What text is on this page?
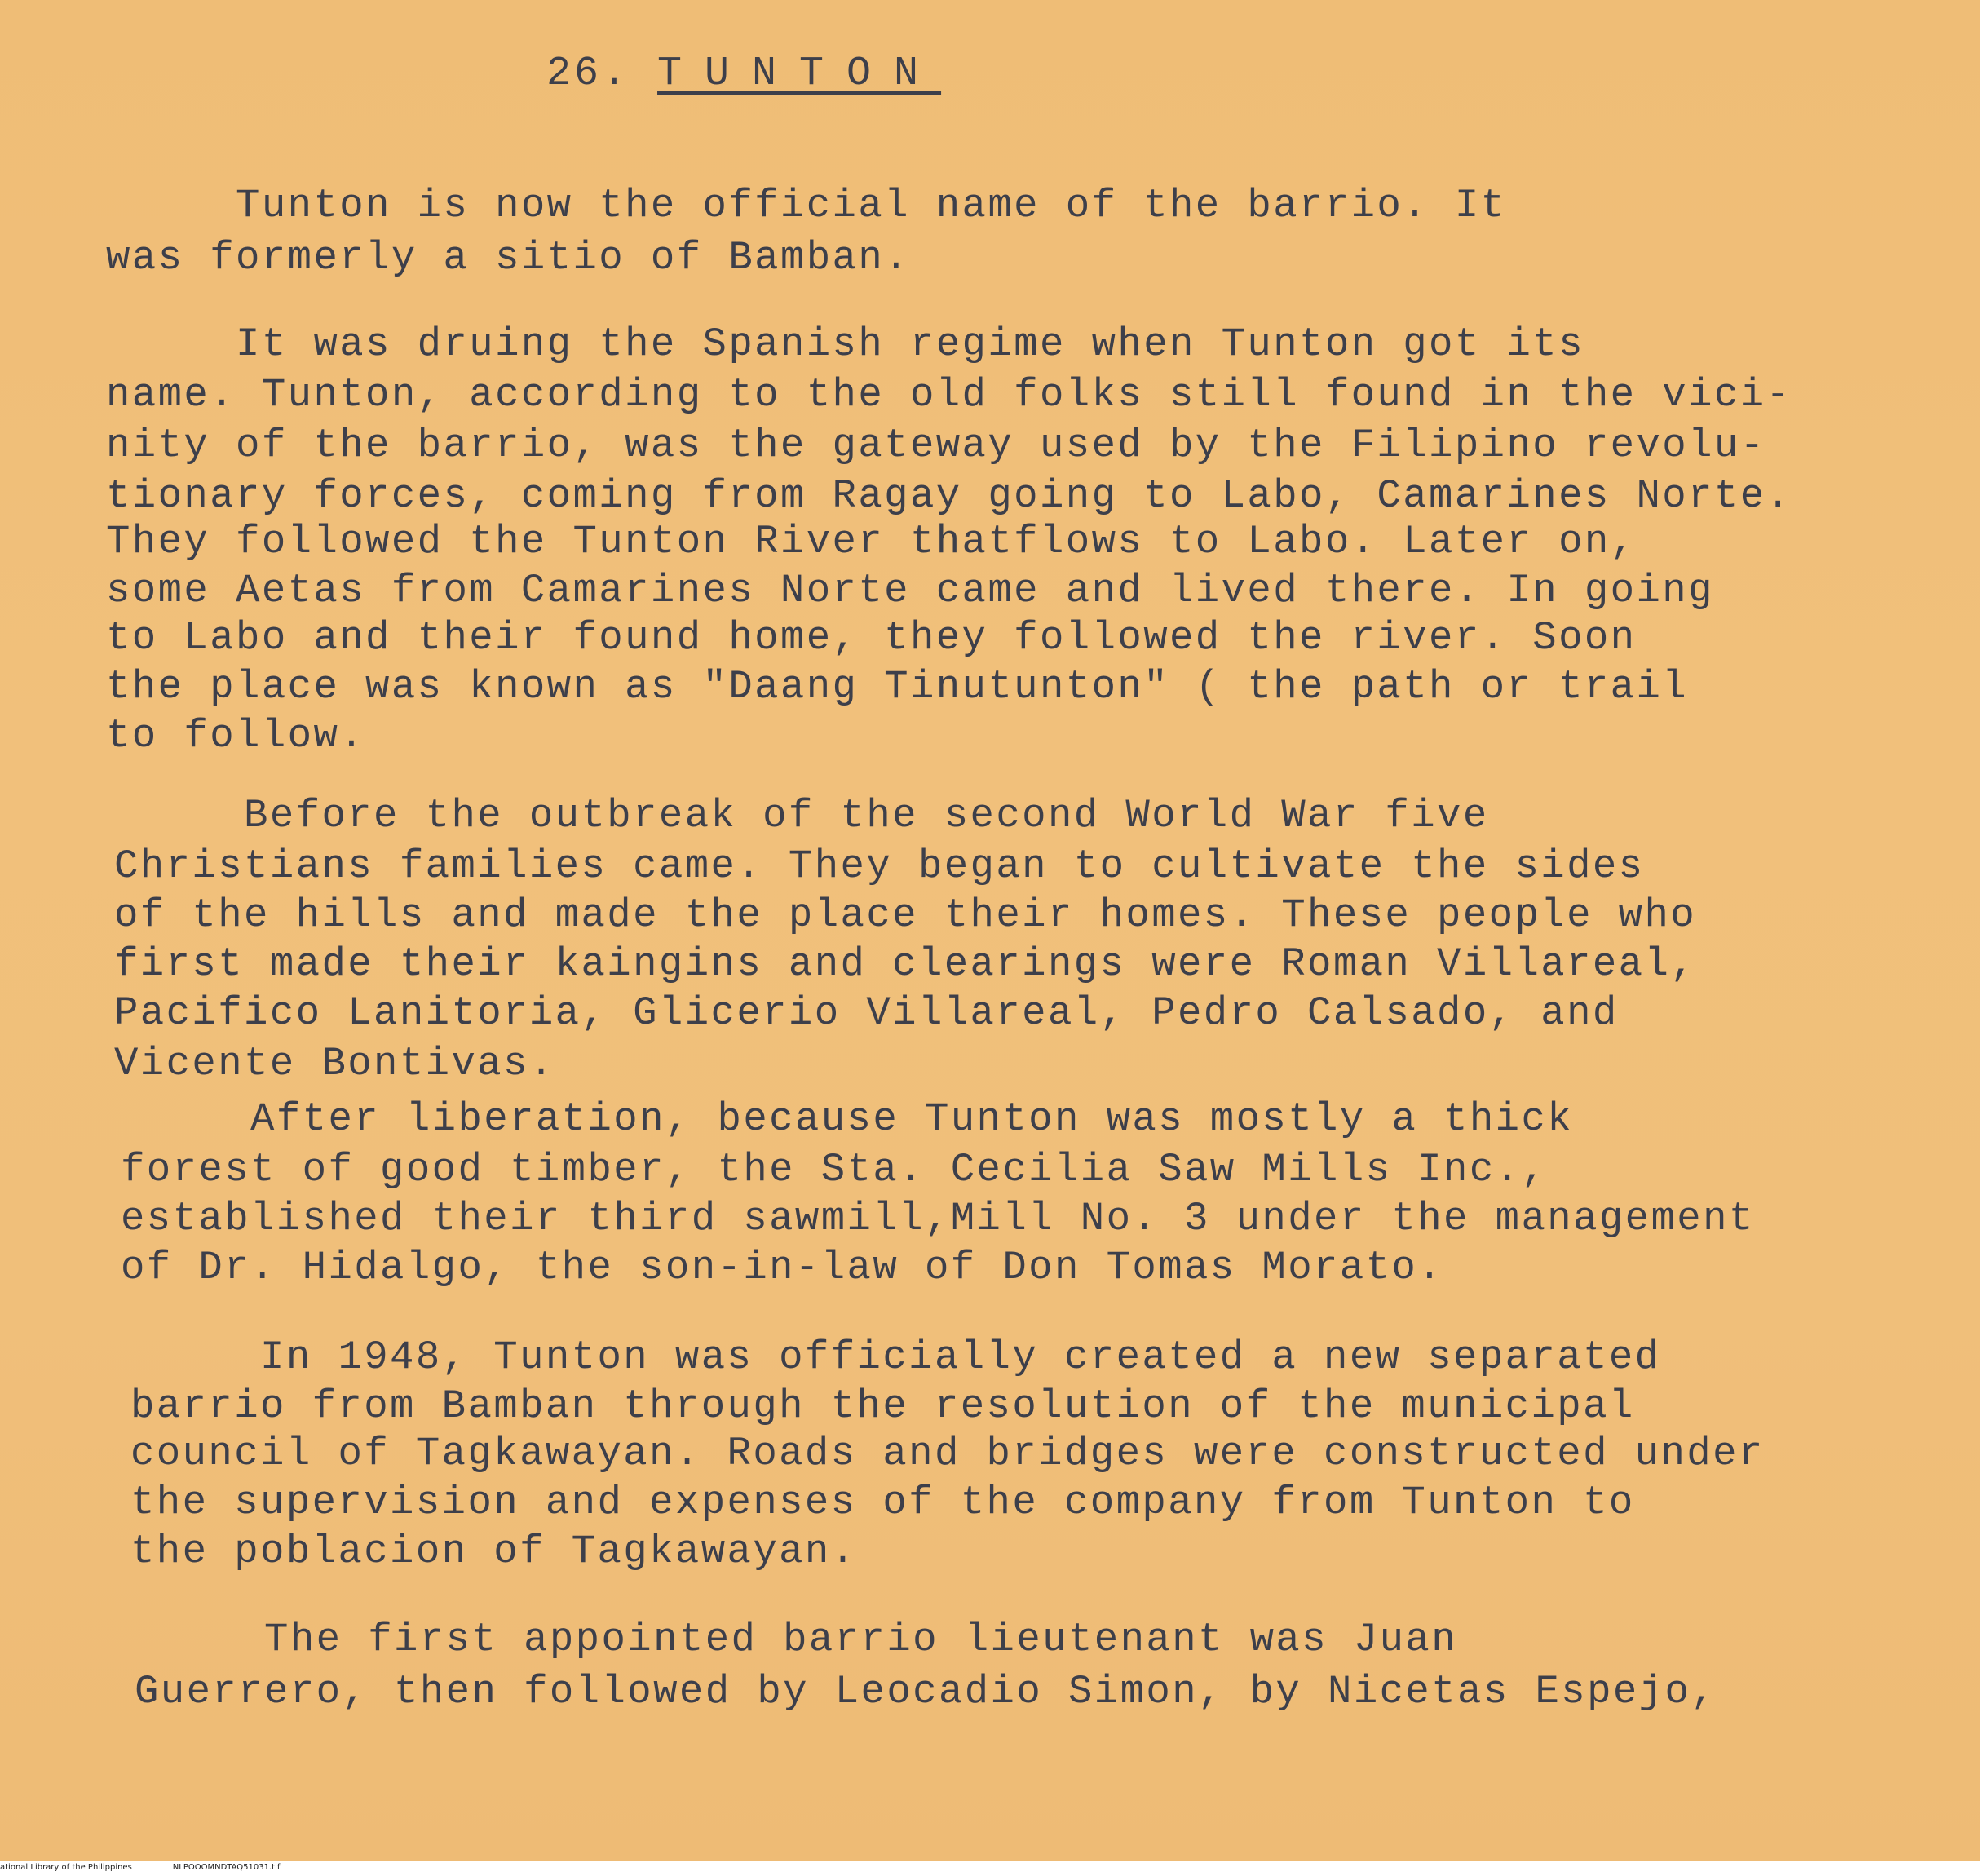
26. TUNTON
Tunton is now the official name of the barrio. It
was formerly a sitio of Bamban.
It was druing the Spanish regime when Tunton got its
name. Tunton, according to the old folks still found in the vici-
nity of the barrio, was the gateway used by the Filipino revolu-
tionary forces, coming from Ragay going to Labo, Camarines Norte.
They followed the Tunton River thatflows to Labo. Later on,
some Aetas from Camarines Norte came and lived there. In going
to Labo and their found home, they followed the river. Soon
the place was known as "Daang Tinutunton" ( the path or trail
to follow.
Before the outbreak of the second World War five
Christians families came. They began to cultivate the sides
of the hills and made the place their homes. These people who
first made their kaingins and clearings were Roman Villareal,
Pacifico Lanitoria, Glicerio Villareal, Pedro Calsado, and
Vicente Bontivas.
After liberation, because Tunton was mostly a thick
forest of good timber, the Sta. Cecilia Saw Mills Inc.,
established their third sawmill,Mill No. 3 under the management
of Dr. Hidalgo, the son-in-law of Don Tomas Morato.
In 1948, Tunton was officially created a new separated
barrio from Bamban through the resolution of the municipal
council of Tagkawayan. Roads and bridges were constructed under
the supervision and expenses of the company from Tunton to
the poblacion of Tagkawayan.
The first appointed barrio lieutenant was Juan
Guerrero, then followed by Leocadio Simon, by Nicetas Espejo,
ational Library of the Philippines	NLPOOOMNDTAQ51031.tif
